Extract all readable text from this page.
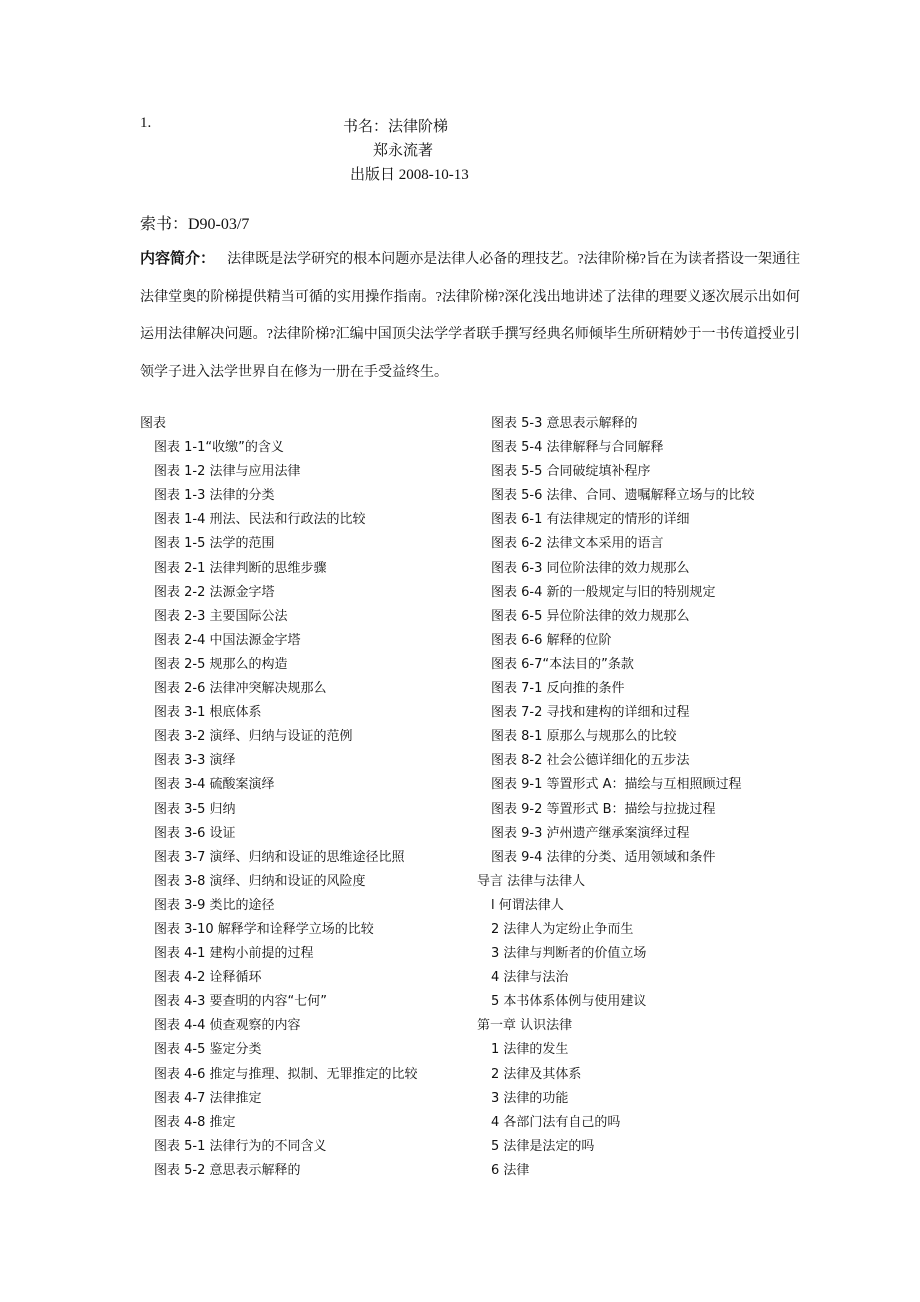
1.	书名：法律阶梯
郑永流著
出版日 2008-10-13
索书：D90-03/7
内容简介： 法律既是法学研究的根本问题亦是法律人必备的理技艺。?法律阶梯?旨在为读者搭设一架通往法律堂奥的阶梯提供精当可循的实用操作指南。?法律阶梯?深化浅出地讲述了法律的理要义逐次展示出如何运用法律解决问题。?法律阶梯?汇编中国顶尖法学学者联手撰写经典名师倾毕生所研精妙于一书传道授业引领学子进入法学世界自在修为一册在手受益终生。
图表
图表 1-1“收缴”的含义
图表 1-2 法律与应用法律
图表 1-3 法律的分类
图表 1-4 刑法、民法和行政法的比较
图表 1-5 法学的范围
图表 2-1 法律判断的思维步骤
图表 2-2 法源金字塔
图表 2-3 主要国际公法
图表 2-4 中国法源金字塔
图表 2-5 规那么的构造
图表 2-6 法律冲突解决规那么
图表 3-1 根底体系
图表 3-2 演绎、归纳与设证的范例
图表 3-3 演绎
图表 3-4 硫酸案演绎
图表 3-5 归纳
图表 3-6 设证
图表 3-7 演绎、归纳和设证的思维途径比照
图表 3-8 演绎、归纳和设证的风险度
图表 3-9 类比的途径
图表 3-10 解释学和诠释学立场的比较
图表 4-1 建构小前提的过程
图表 4-2 诠释循环
图表 4-3 要查明的内容“七何”
图表 4-4 侦查观察的内容
图表 4-5 鉴定分类
图表 4-6 推定与推理、拟制、无罪推定的比较
图表 4-7 法律推定
图表 4-8 推定
图表 5-1 法律行为的不同含义
图表 5-2 意思表示解释的
图表 5-3 意思表示解释的
图表 5-4 法律解释与合同解释
图表 5-5 合同破绽填补程序
图表 5-6 法律、合同、遗嘱解释立场与的比较
图表 6-1 有法律规定的情形的详细
图表 6-2 法律文本采用的语言
图表 6-3 同位阶法律的效力规那么
图表 6-4 新的一般规定与旧的特别规定
图表 6-5 异位阶法律的效力规那么
图表 6-6 解释的位阶
图表 6-7“本法目的”条款
图表 7-1 反向推的条件
图表 7-2 寻找和建构的详细和过程
图表 8-1 原那么与规那么的比较
图表 8-2 社会公德详细化的五步法
图表 9-1 等置形式 A：描绘与互相照顾过程
图表 9-2 等置形式 B：描绘与拉拢过程
图表 9-3 泸州遗产继承案演绎过程
图表 9-4 法律的分类、适用领域和条件
导言 法律与法律人
l 何谓法律人
2 法律人为定纷止争而生
3 法律与判断者的价值立场
4 法律与法治
5 本书体系体例与使用建议
第一章 认识法律
1 法律的发生
2 法律及其体系
3 法律的功能
4 各部门法有自己的吗
5 法律是法定的吗
6 法律
